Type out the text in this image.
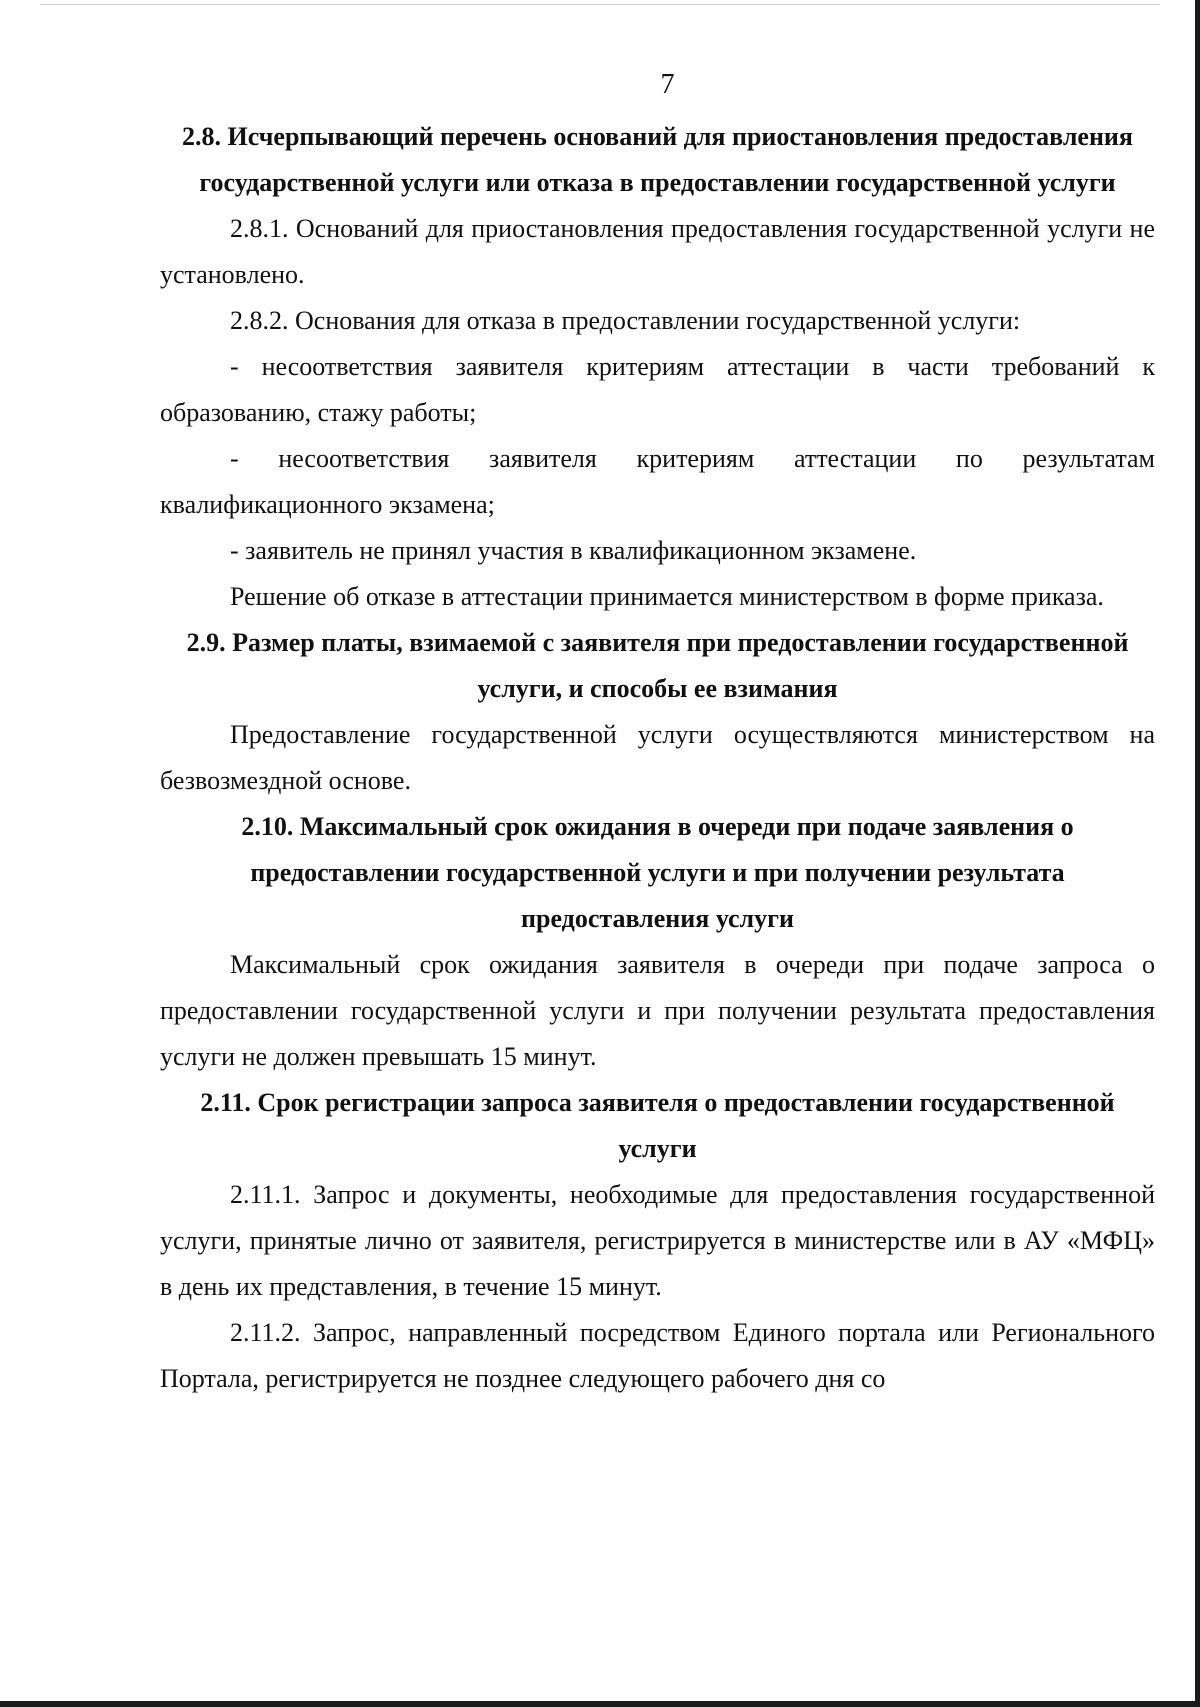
7
2.8. Исчерпывающий перечень оснований для приостановления предоставления государственной услуги или отказа в предоставлении государственной услуги

2.8.1. Оснований для приостановления предоставления государственной услуги не установлено.

2.8.2. Основания для отказа в предоставлении государственной услуги:

- несоответствия заявителя критериям аттестации в части требований к образованию, стажу работы;

- несоответствия заявителя критериям аттестации по результатам квалификационного экзамена;

- заявитель не принял участия в квалификационном экзамене.

Решение об отказе в аттестации принимается министерством в форме приказа.

2.9. Размер платы, взимаемой с заявителя при предоставлении государственной услуги, и способы ее взимания

Предоставление государственной услуги осуществляются министерством на безвозмездной основе.

2.10. Максимальный срок ожидания в очереди при подаче заявления о предоставлении государственной услуги и при получении результата предоставления услуги

Максимальный срок ожидания заявителя в очереди при подаче запроса о предоставлении государственной услуги и при получении результата предоставления услуги не должен превышать 15 минут.

2.11. Срок регистрации запроса заявителя о предоставлении государственной услуги

2.11.1. Запрос и документы, необходимые для предоставления государственной услуги, принятые лично от заявителя, регистрируется в министерстве или в АУ «МФЦ» в день их представления, в течение 15 минут.

2.11.2. Запрос, направленный посредством Единого портала или Регионального Портала, регистрируется не позднее следующего рабочего дня со
